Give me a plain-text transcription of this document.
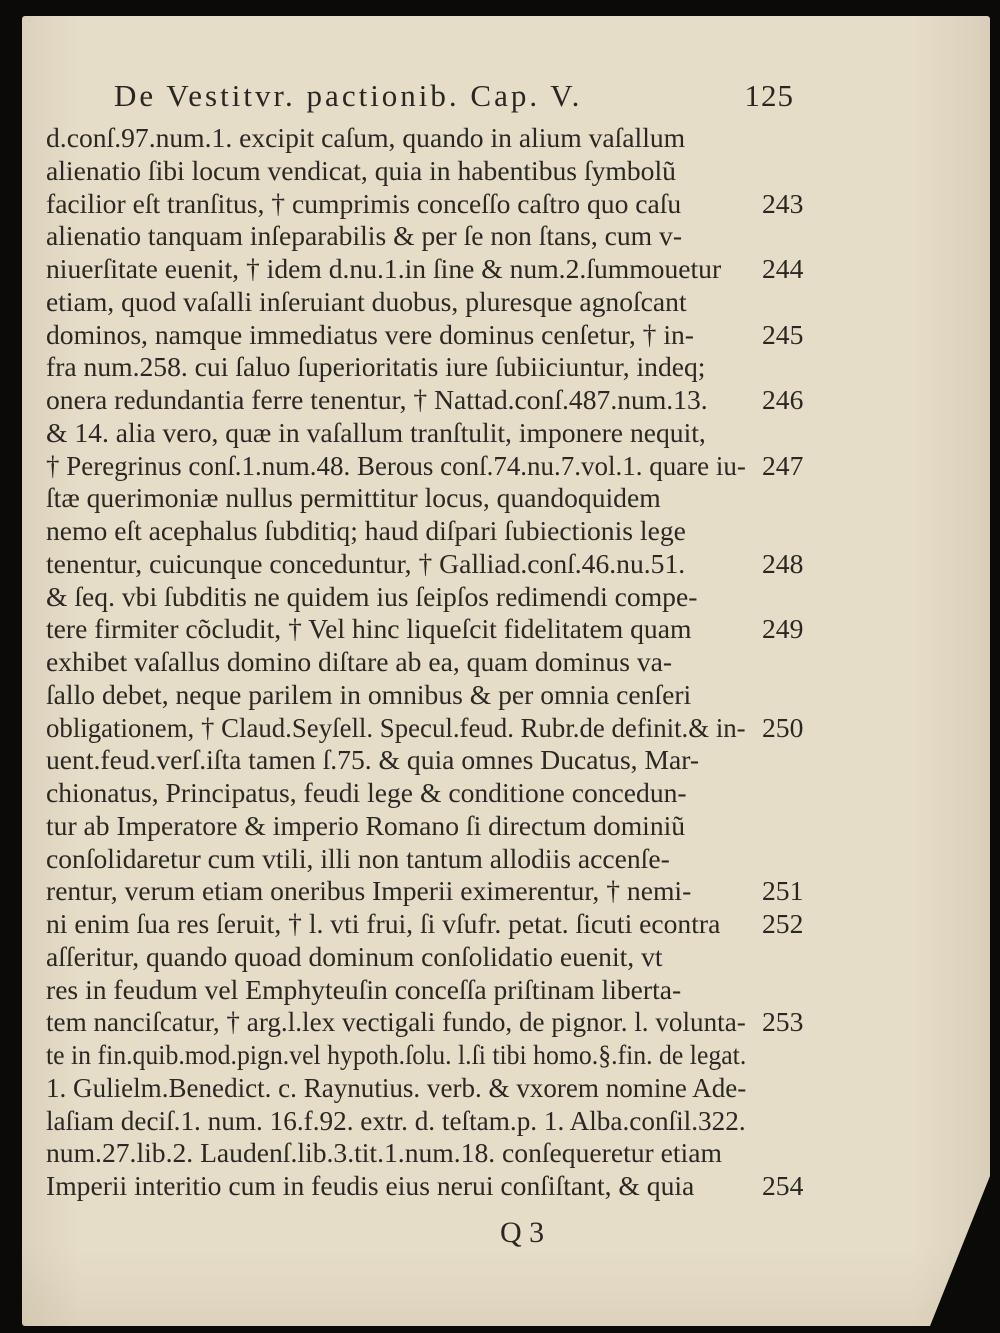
De Vestitvr. pactionib. Cap. V.	125
d.conſ.97.num.1. excipit caſum, quando in alium vaſallum
alienatio ſibi locum vendicat, quia in habentibus ſymbolũ
facilior eſt tranſitus, † cumprimis conceſſo caſtro quo caſu	243
alienatio tanquam inſeparabilis & per ſe non ſtans, cum v-
niuerſitate euenit, † idem d.nu.1.in ſine & num.2.ſummouetur 244
etiam, quod vaſalli inſeruiant duobus, pluresque agnoſcant
dominos, namque immediatus vere dominus cenſetur, † in- 245
fra num.258. cui ſaluo ſuperioritatis iure ſubiiciuntur, indeq;
onera redundantia ferre tenentur, † Nattad.conſ.487.num.13. 246
& 14. alia vero, quæ in vaſallum tranſtulit, imponere nequit,
† Peregrinus conſ.1.num.48. Berous conſ.74.nu.7.vol.1. quare iu- 247
ſtæ querimoniæ nullus permittitur locus, quandoquidem
nemo eſt acephalus ſubditiq; haud diſpari ſubiectionis lege
tenentur, cuicunque conceduntur, † Galliad.conſ.46.nu.51.	248
& ſeq. vbi ſubditis ne quidem ius ſeipſos redimendi compe-
tere firmiter cõcludit, † Vel hinc liqueſcit fidelitatem quam	249
exhibet vaſallus domino diſtare ab ea, quam dominus va-
ſallo debet, neque parilem in omnibus & per omnia cenſeri
obligationem, † Claud.Seyſell. Specul.feud. Rubr.de definit.& in- 250
uent.feud.verſ.iſta tamen ſ.75. & quia omnes Ducatus, Mar-
chionatus, Principatus, feudi lege & conditione concedun-
tur ab Imperatore & imperio Romano ſi directum dominiũ
conſolidaretur cum vtili, illi non tantum allodiis accenſe-
rentur, verum etiam oneribus Imperii eximerentur, † nemi-	251
ni enim ſua res ſeruit, † l. vti frui, ſi vſufr. petat. ſicuti econtra 252
aſſeritur, quando quoad dominum conſolidatio euenit, vt
res in feudum vel Emphyteuſin conceſſa priſtinam liberta-
tem nanciſcatur, † arg.l.lex vectigali fundo, de pignor. l. volunta- 253
te in fin.quib.mod.pign.vel hypoth.ſolu. l.ſi tibi homo.§.fin. de legat.
1. Gulielm.Benedict. c. Raynutius. verb. & vxorem nomine Ade-
laſiam deciſ.1. num. 16.f.92. extr. d. teſtam.p. 1. Alba.conſil.322.
num.27.lib.2. Laudenſ.lib.3.tit.1.num.18. conſequeretur etiam
Imperii interitio cum in feudis eius nerui conſiſtant, & quia 254
Q 3
